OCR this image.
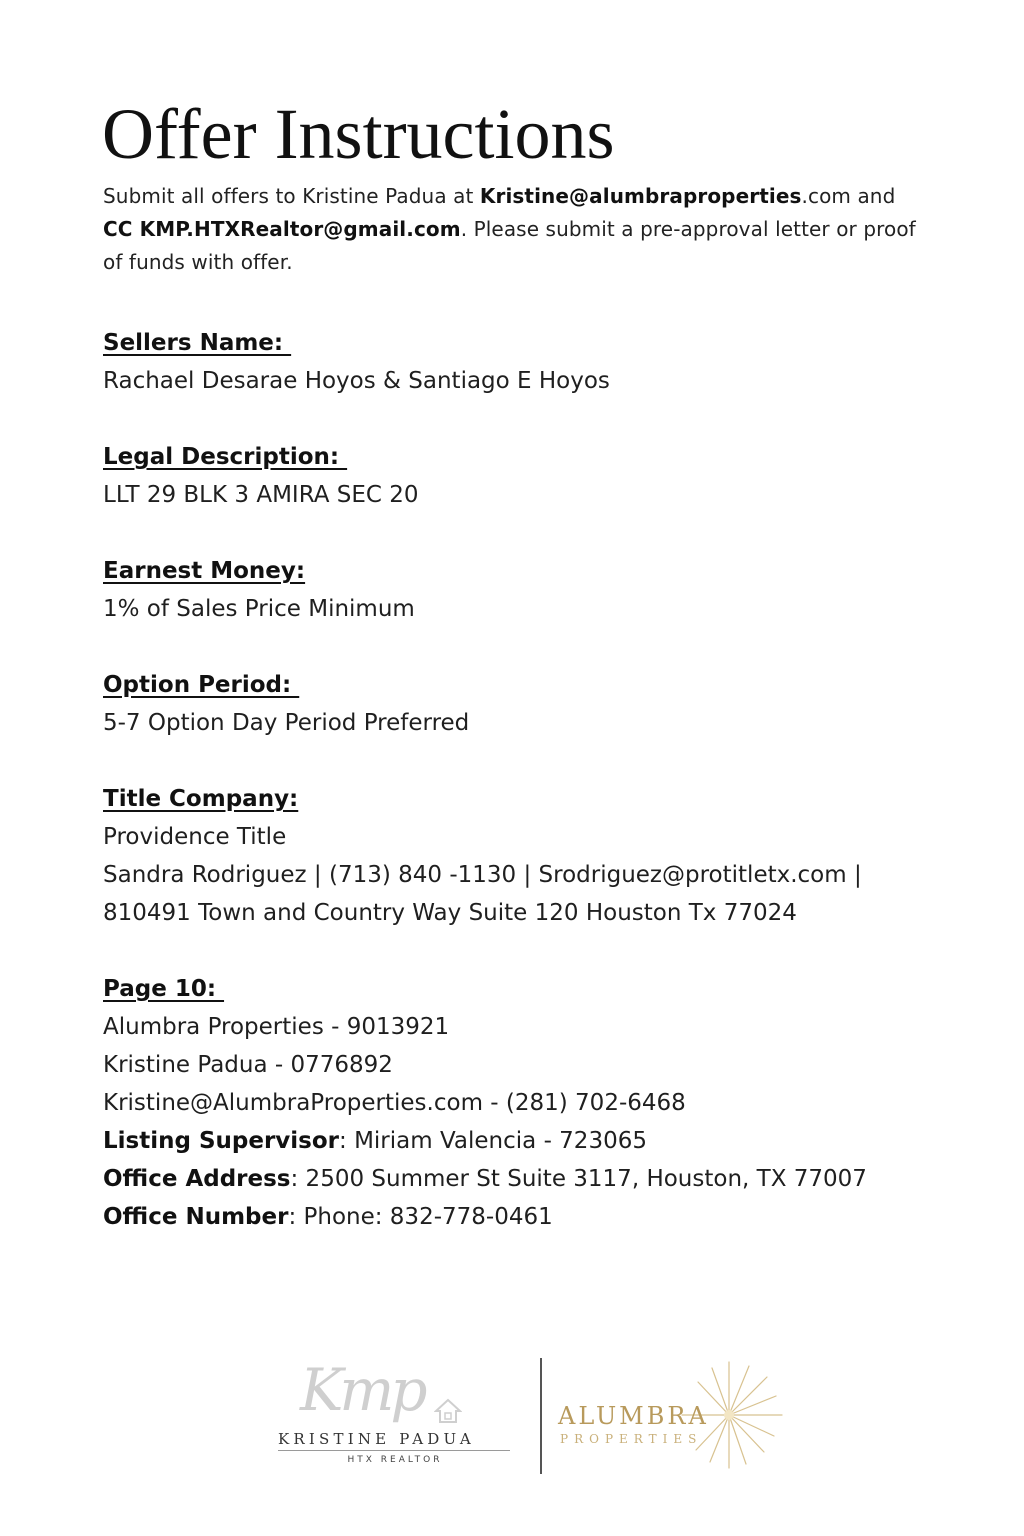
Offer Instructions
Submit all offers to Kristine Padua at Kristine@alumbraproperties.com and
CC KMP.HTXRealtor@gmail.com. Please submit a pre-approval letter or proof
of funds with offer.

Sellers Name:

Rachael Desarae Hoyos & Santiago E Hoyos

Legal Description:

LLT 29 BLK 3 AMIRA SEC 20

Earnest Money:

1% of Sales Price Minimum

Option Period:

5-7 Option Day Period Preferred

Title Company:

Providence Title

Sandra Rodriguez | (713) 840 -1130 | Srodriguez@protitletx.com |

810491 Town and Country Way Suite 120 Houston Tx 77024

Page 10:

Alumbra Properties - 9013921

Kristine Padua - 0776892

Kristine@AlumbraProperties.com - (281) 702-6468

Listing Supervisor: Miriam Valencia - 723065

Office Address: 2500 Summer St Suite 3117, Houston, TX 77007

Office Number: Phone: 832-778-0461

Kmp
KRISTINE PADUA
HTX REALTOR
ALUMBRA
PROPERTIES
